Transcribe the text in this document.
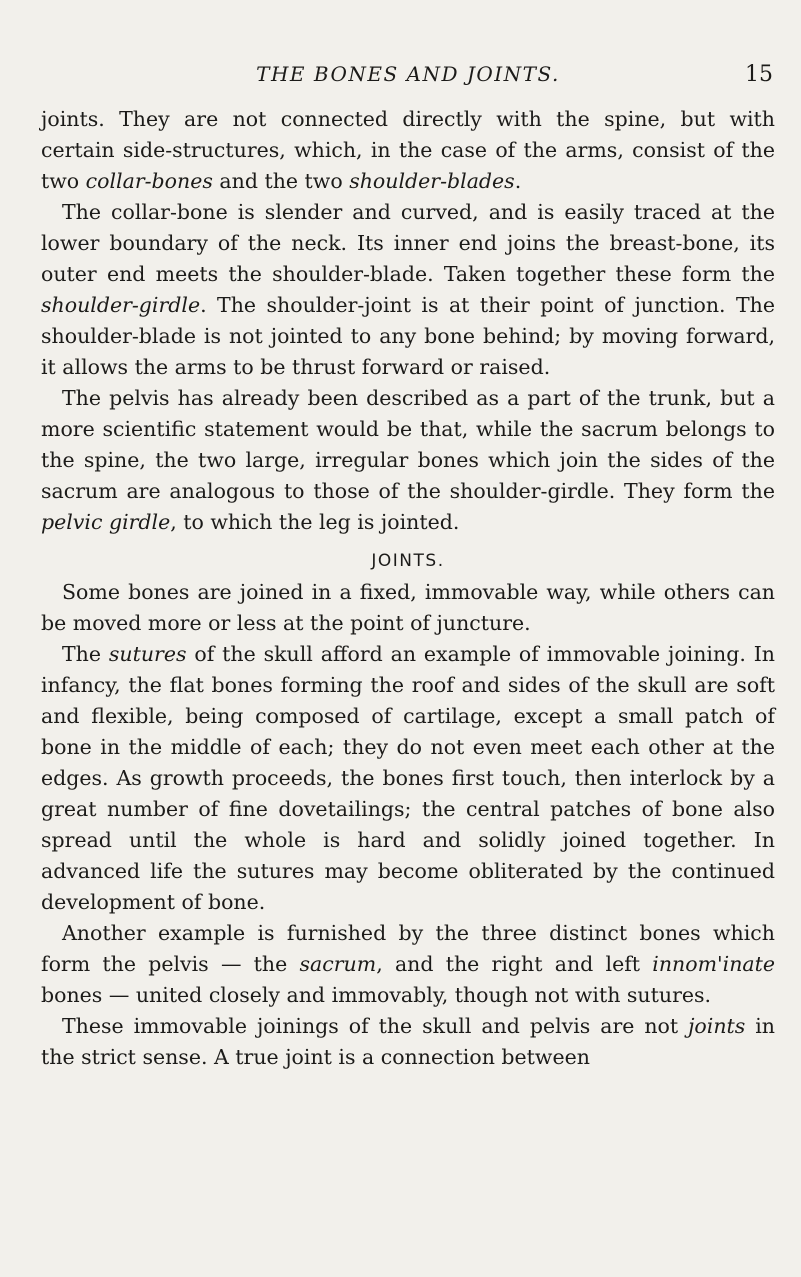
THE BONES AND JOINTS.	15

joints. They are not connected directly with the spine, but with certain side-structures, which, in the case of the arms, consist of the two collar-bones and the two shoulder-blades.

The collar-bone is slender and curved, and is easily traced at the lower boundary of the neck. Its inner end joins the breast-bone, its outer end meets the shoulder-blade. Taken together these form the shoulder-girdle. The shoulder-joint is at their point of junction. The shoulder-blade is not jointed to any bone behind; by moving forward, it allows the arms to be thrust forward or raised.

The pelvis has already been described as a part of the trunk, but a more scientific statement would be that, while the sacrum belongs to the spine, the two large, irregular bones which join the sides of the sacrum are analogous to those of the shoulder-girdle. They form the pelvic girdle, to which the leg is jointed.

JOINTS.

Some bones are joined in a fixed, immovable way, while others can be moved more or less at the point of juncture.

The sutures of the skull afford an example of immovable joining. In infancy, the flat bones forming the roof and sides of the skull are soft and flexible, being composed of cartilage, except a small patch of bone in the middle of each; they do not even meet each other at the edges. As growth proceeds, the bones first touch, then interlock by a great number of fine dovetailings; the central patches of bone also spread until the whole is hard and solidly joined together. In advanced life the sutures may become obliterated by the continued development of bone.

Another example is furnished by the three distinct bones which form the pelvis — the sacrum, and the right and left innom'inate bones — united closely and immovably, though not with sutures.

These immovable joinings of the skull and pelvis are not joints in the strict sense. A true joint is a connection between
